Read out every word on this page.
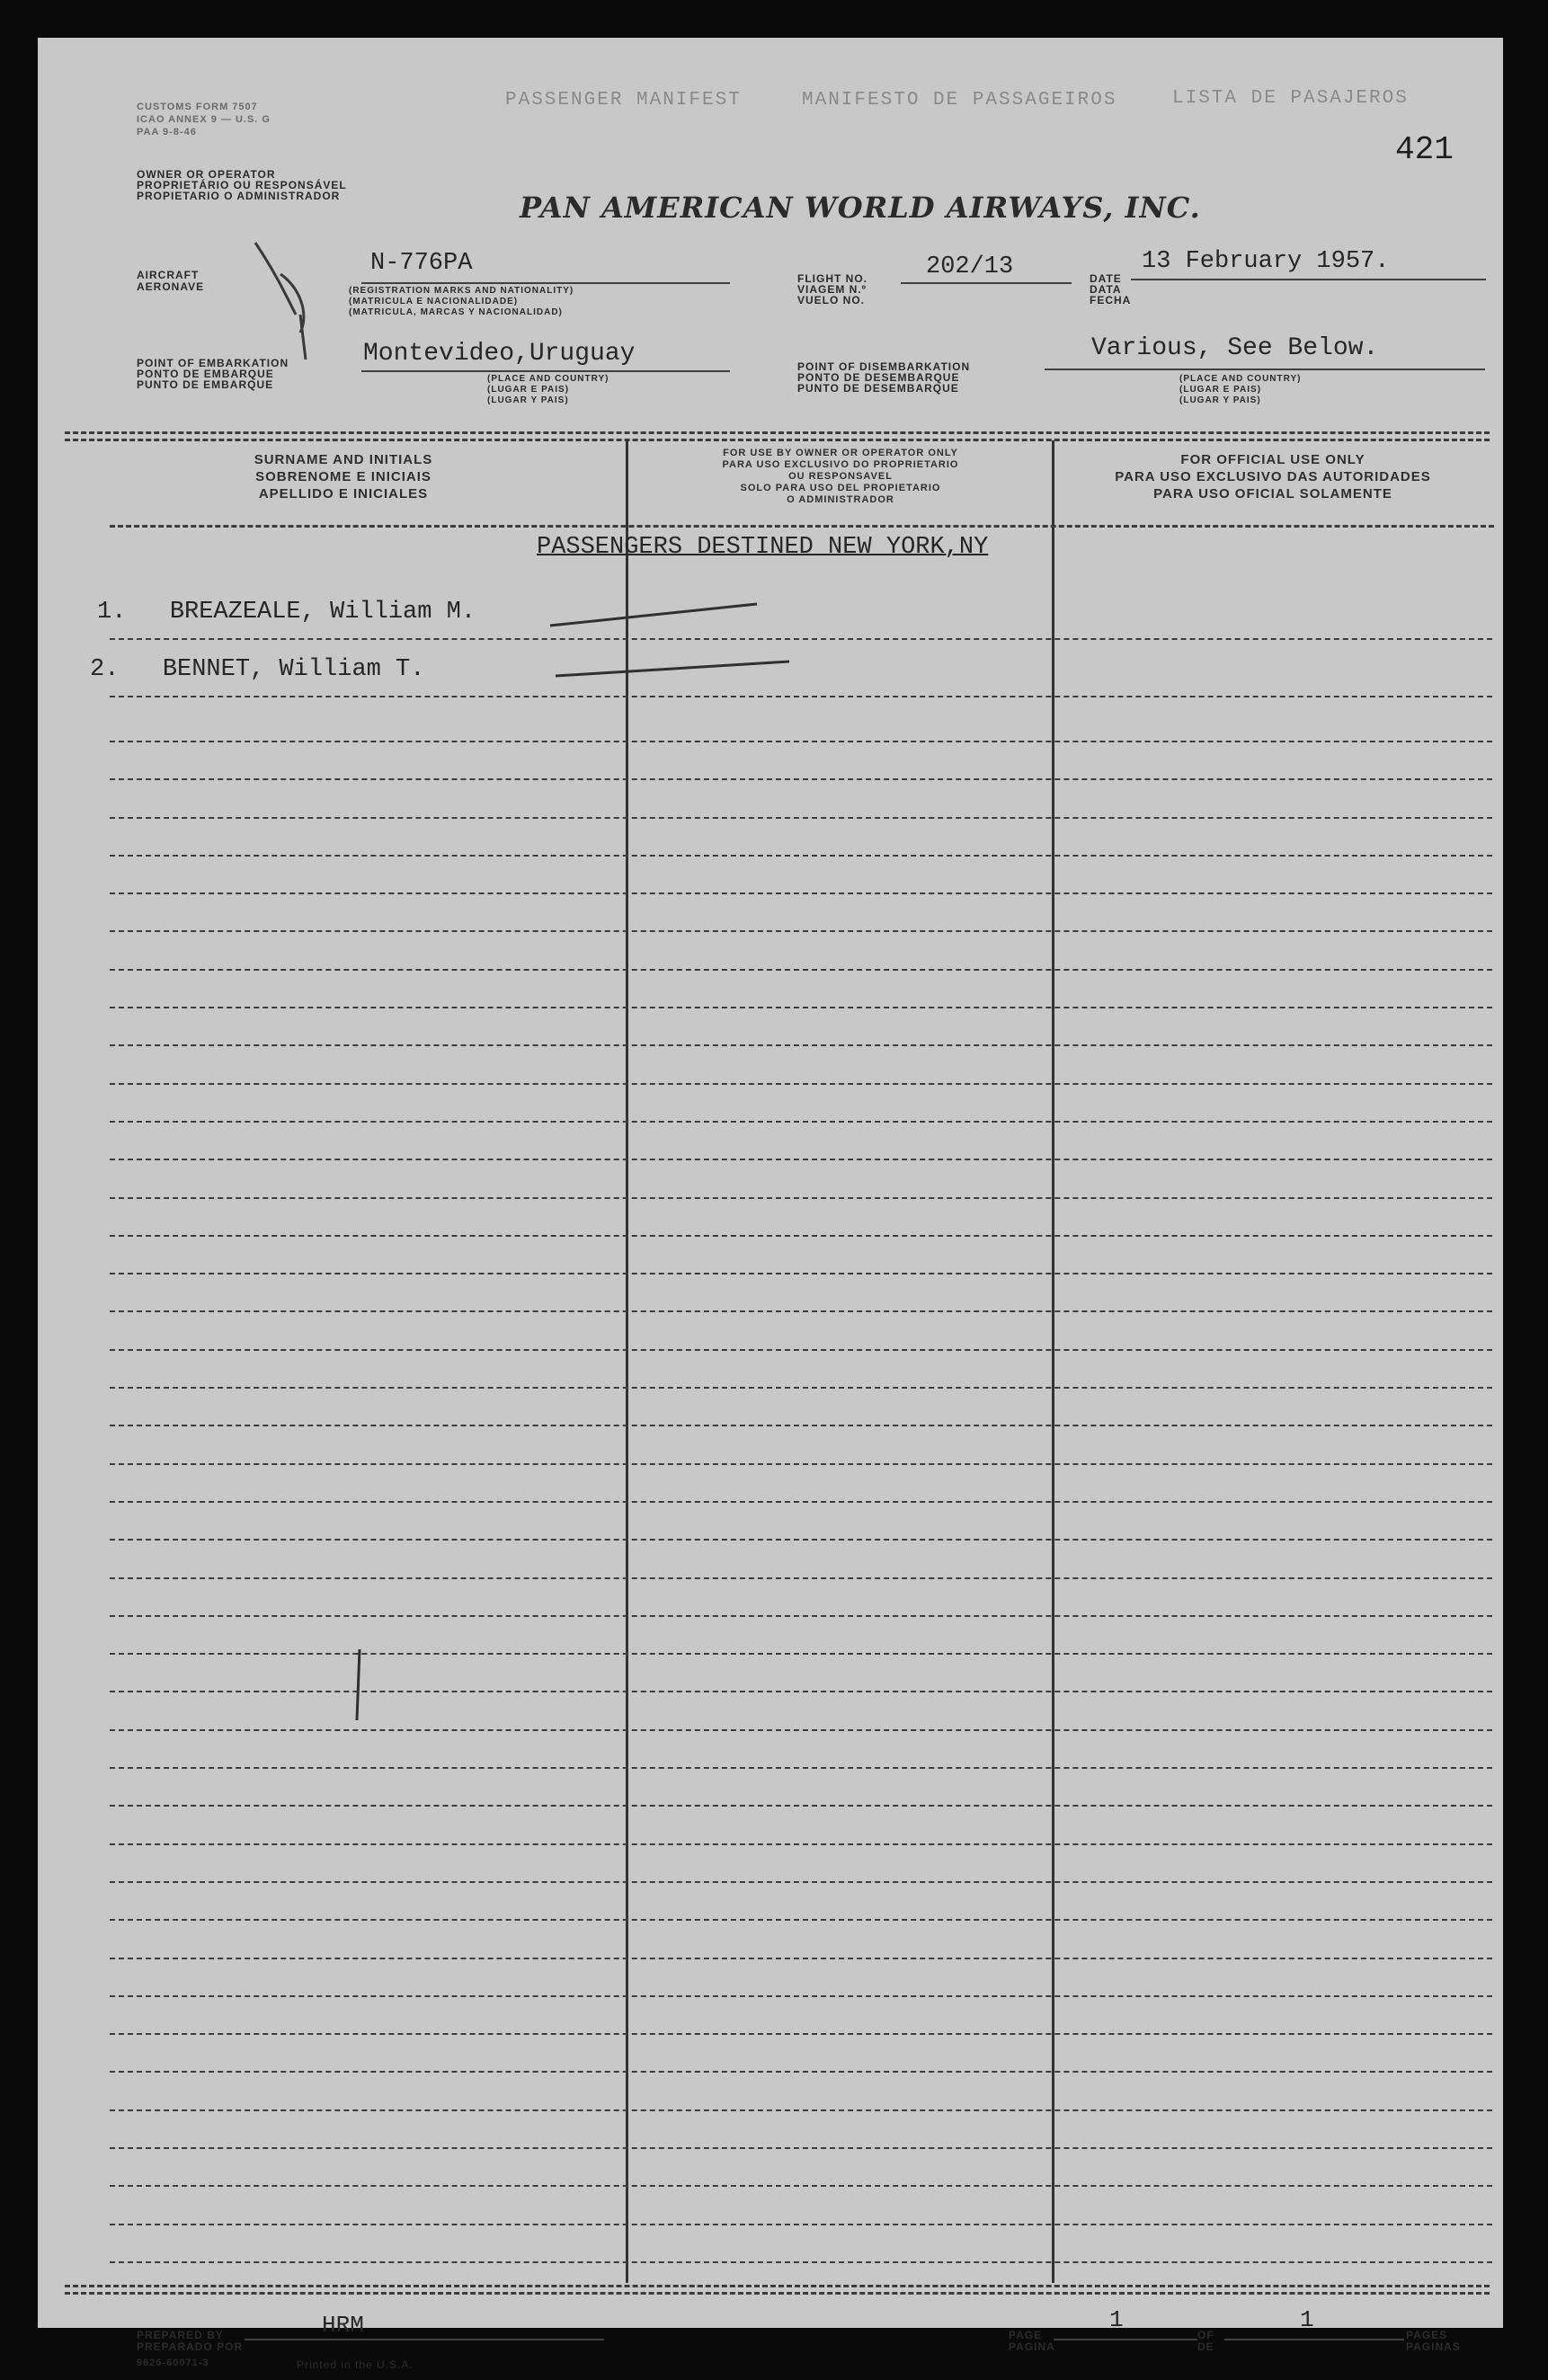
PASSENGER MANIFEST	MANIFESTO DE PASSAGEIROS	LISTA DE PASAJEROS
CUSTOMS FORM 7507
ICAO ANNEX 9 — U.S. G
PAA 9-8-46	421
OWNER OR OPERATOR
PROPRIETÁRIO OU RESPONSÁVEL
PROPIETARIO O ADMINISTRADOR	PAN AMERICAN WORLD AIRWAYS, INC.
AIRCRAFT
AERONAVE
N-776PA
(REGISTRATION MARKS AND NATIONALITY)
(MATRICULA E NACIONALIDADE)
(MATRICULA, MARCAS Y NACIONALIDAD)
FLIGHT NO.
VIAGEM N.º
VUELO NO.
202/13	DATE
DATA
FECHA
13 February 1957.
POINT OF EMBARKATION
PONTO DE EMBARQUE
PUNTO DE EMBARQUE
Montevideo,Uruguay
(PLACE AND COUNTRY)
(LUGAR E PAIS)
(LUGAR Y PAIS)
POINT OF DISEMBARKATION
PONTO DE DESEMBARQUE
PUNTO DE DESEMBARQUE
Various, See Below.
(PLACE AND COUNTRY)
(LUGAR E PAIS)
(LUGAR Y PAIS)
SURNAME AND INITIALS
SOBRENOME E INICIAIS
APELLIDO E INICIALES
FOR USE BY OWNER OR OPERATOR ONLY
PARA USO EXCLUSIVO DO PROPRIETARIO
OU RESPONSAVEL
SOLO PARA USO DEL PROPIETARIO
O ADMINISTRADOR
FOR OFFICIAL USE ONLY
PARA USO EXCLUSIVO DAS AUTORIDADES
PARA USO OFICIAL SOLAMENTE
PASSENGERS DESTINED NEW YORK,NY
1. BREAZEALE, William M.
2. BENNET, William T.
PREPARED BY
PREPARADO POR
HRM
9626-60071-3	Printed in the U.S.A.
PAGE
PAGINA
1
OF
DE
1
PAGES
PAGINAS
